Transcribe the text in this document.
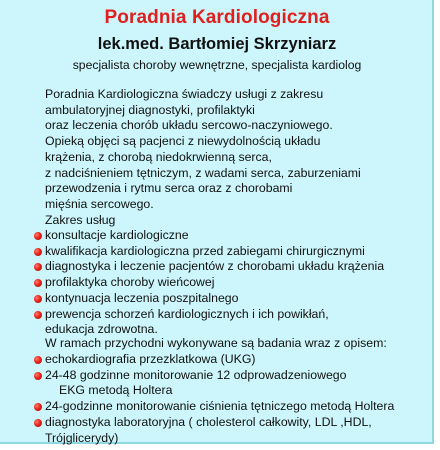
Poradnia Kardiologiczna
lek.med. Bartłomiej Skrzyniarz
specjalista choroby wewnętrzne, specjalista kardiolog
Poradnia Kardiologiczna świadczy usługi z zakresu
ambulatoryjnej diagnostyki, profilaktyki
oraz leczenia chorób układu sercowo-naczyniowego.
Opieką objęci są pacjenci z niewydolnością układu
krążenia, z chorobą niedokrwienną serca,
z nadciśnieniem tętniczym, z wadami serca, zaburzeniami
przewodzenia i rytmu serca oraz z chorobami
mięśnia sercowego.
Zakres usług
konsultacje kardiologiczne
kwalifikacja kardiologiczna przed zabiegami chirurgicznymi
diagnostyka i leczenie pacjentów z chorobami układu krążenia
profilaktyka choroby wieńcowej
kontynuacja leczenia poszpitalnego
prewencja schorzeń kardiologicznych i ich powikłań,
edukacja zdrowotna.
W ramach przychodni wykonywane są badania wraz z opisem:
echokardiografia przezklatkowa (UKG)
24-48 godzinne monitorowanie 12 odprowadzeniowego
EKG metodą Holtera
24-godzinne monitorowanie ciśnienia tętniczego metodą Holtera
diagnostyka laboratoryjna ( cholesterol całkowity, LDL ,HDL,
Trójglicerydy)
